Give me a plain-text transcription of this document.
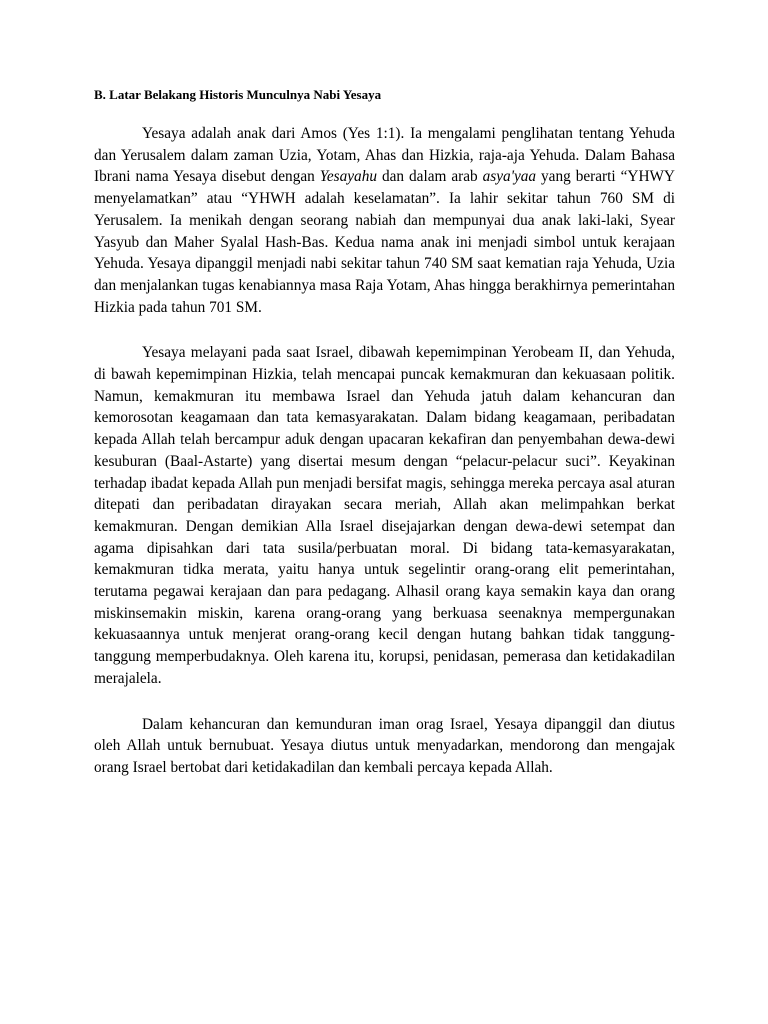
B. Latar Belakang Historis Munculnya Nabi Yesaya

Yesaya adalah anak dari Amos (Yes 1:1). Ia mengalami penglihatan tentang Yehuda dan Yerusalem dalam zaman Uzia, Yotam, Ahas dan Hizkia, raja-aja Yehuda. Dalam Bahasa Ibrani nama Yesaya disebut dengan Yesayahu dan dalam arab asya'yaa yang berarti “YHWY menyelamatkan” atau “YHWH adalah keselamatan”. Ia lahir sekitar tahun 760 SM di Yerusalem. Ia menikah dengan seorang nabiah dan mempunyai dua anak laki-laki, Syear Yasyub dan Maher Syalal Hash-Bas. Kedua nama anak ini menjadi simbol untuk kerajaan Yehuda. Yesaya dipanggil menjadi nabi sekitar tahun 740 SM saat kematian raja Yehuda, Uzia dan menjalankan tugas kenabiannya masa Raja Yotam, Ahas hingga berakhirnya pemerintahan Hizkia pada tahun 701 SM.

Yesaya melayani pada saat Israel, dibawah kepemimpinan Yerobeam II, dan Yehuda, di bawah kepemimpinan Hizkia, telah mencapai puncak kemakmuran dan kekuasaan politik. Namun, kemakmuran itu membawa Israel dan Yehuda jatuh dalam kehancuran dan kemorosotan keagamaan dan tata kemasyarakatan. Dalam bidang keagamaan, peribadatan kepada Allah telah bercampur aduk dengan upacaran kekafiran dan penyembahan dewa-dewi kesuburan (Baal-Astarte) yang disertai mesum dengan “pelacur-pelacur suci”. Keyakinan terhadap ibadat kepada Allah pun menjadi bersifat magis, sehingga mereka percaya asal aturan ditepati dan peribadatan dirayakan secara meriah, Allah akan melimpahkan berkat kemakmuran. Dengan demikian Alla Israel disejajarkan dengan dewa-dewi setempat dan agama dipisahkan dari tata susila/perbuatan moral. Di bidang tata-kemasyarakatan, kemakmuran tidka merata, yaitu hanya untuk segelintir orang-orang elit pemerintahan, terutama pegawai kerajaan dan para pedagang. Alhasil orang kaya semakin kaya dan orang miskinsemakin miskin, karena orang-orang yang berkuasa seenaknya mempergunakan kekuasaannya untuk menjerat orang-orang kecil dengan hutang bahkan tidak tanggung-tanggung memperbudaknya. Oleh karena itu, korupsi, penidasan, pemerasa dan ketidakadilan merajalela.

Dalam kehancuran dan kemunduran iman orag Israel, Yesaya dipanggil dan diutus oleh Allah untuk bernubuat. Yesaya diutus untuk menyadarkan, mendorong dan mengajak orang Israel bertobat dari ketidakadilan dan kembali percaya kepada Allah.
